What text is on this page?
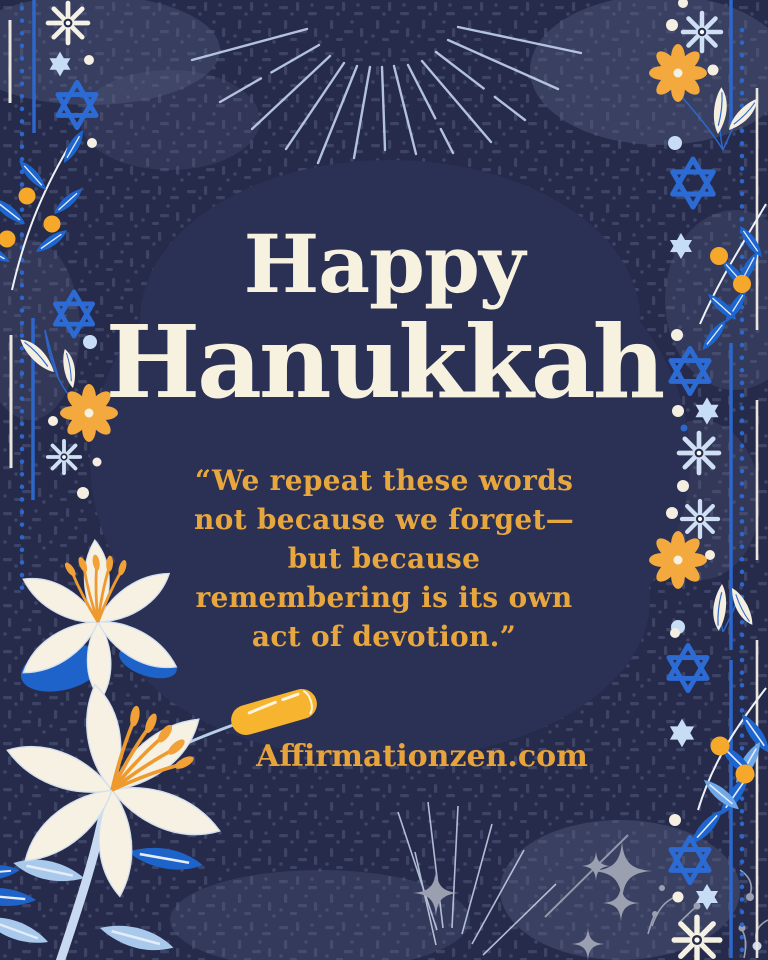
Happy
Hanukkah
“We repeat these words
not because we forget—
but because
remembering is its own
act of devotion.”
Affirmationzen.com
